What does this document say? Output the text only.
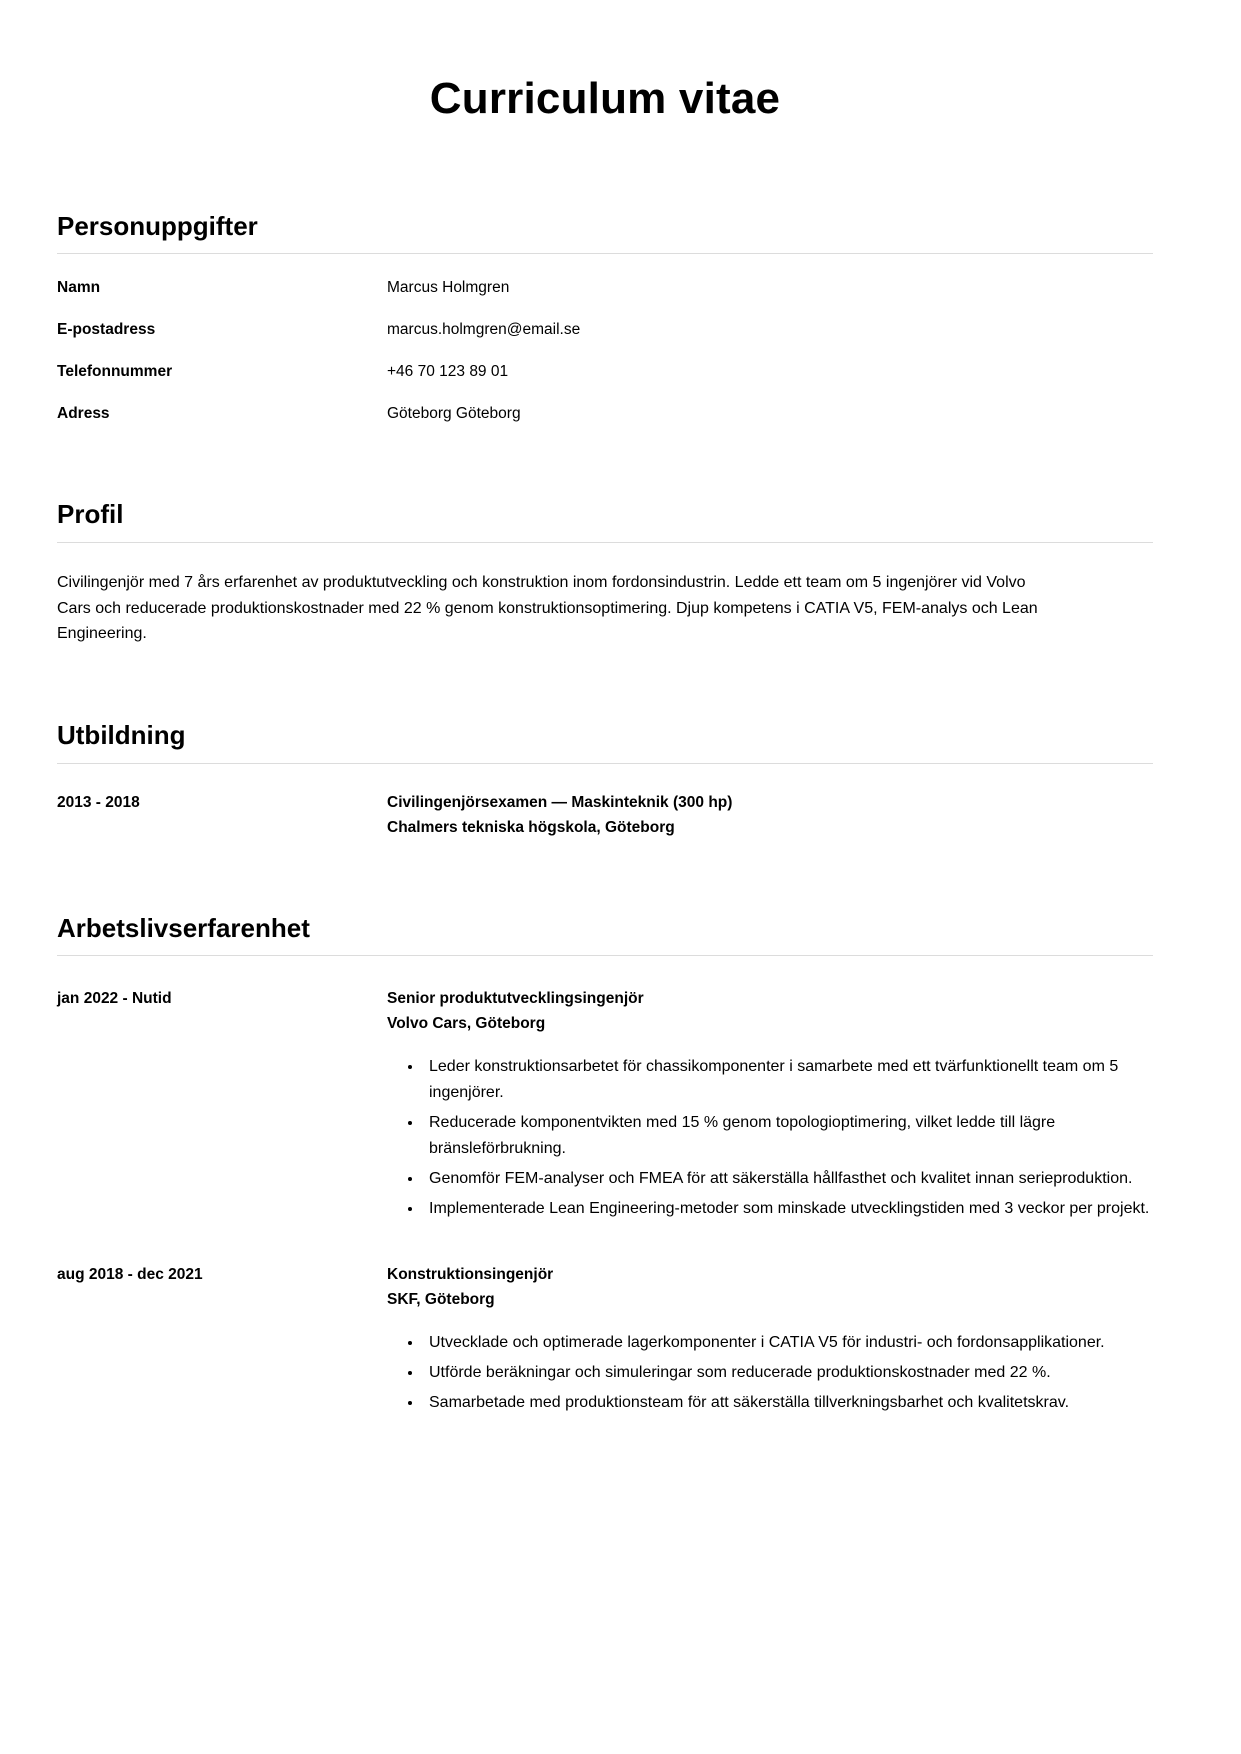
Curriculum vitae
Personuppgifter
Namn	Marcus Holmgren
E-postadress	marcus.holmgren@email.se
Telefonnummer	+46 70 123 89 01
Adress	Göteborg Göteborg
Profil

Civilingenjör med 7 års erfarenhet av produktutveckling och konstruktion inom fordonsindustrin. Ledde ett team om 5 ingenjörer vid Volvo Cars och reducerade produktionskostnader med 22 % genom konstruktionsoptimering. Djup kompetens i CATIA V5, FEM-analys och Lean Engineering.

Utbildning
2013 - 2018	Civilingenjörsexamen — Maskinteknik (300 hp)
Chalmers tekniska högskola, Göteborg
Arbetslivserfarenhet
jan 2022 - Nutid	Senior produktutvecklingsingenjör
Volvo Cars, Göteborg
• Leder konstruktionsarbetet för chassikomponenter i samarbete med ett tvärfunktionellt team om 5 ingenjörer.
• Reducerade komponentvikten med 15 % genom topologioptimering, vilket ledde till lägre bränsleförbrukning.
• Genomför FEM-analyser och FMEA för att säkerställa hållfasthet och kvalitet innan serieproduktion.
• Implementerade Lean Engineering-metoder som minskade utvecklingstiden med 3 veckor per projekt.
aug 2018 - dec 2021	Konstruktionsingenjör
SKF, Göteborg
• Utvecklade och optimerade lagerkomponenter i CATIA V5 för industri- och fordonsapplikationer.
• Utförde beräkningar och simuleringar som reducerade produktionskostnader med 22 %.
• Samarbetade med produktionsteam för att säkerställa tillverkningsbarhet och kvalitetskrav.
